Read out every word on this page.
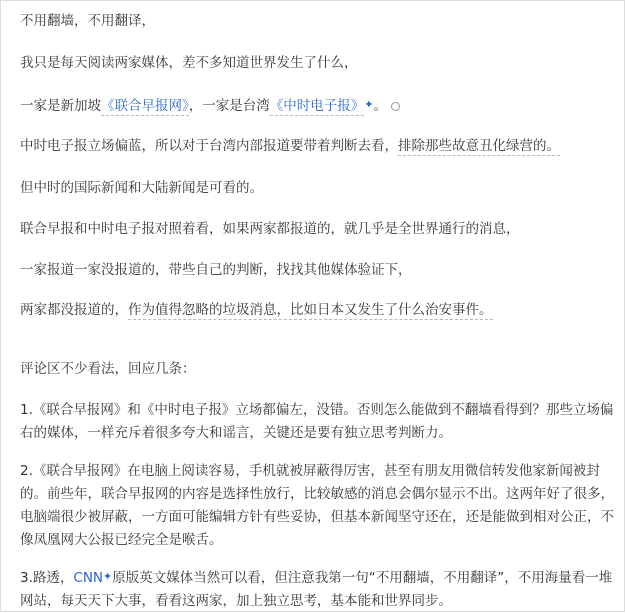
不用翻墙，不用翻译，

我只是每天阅读两家媒体，差不多知道世界发生了什么，

一家是新加坡《联合早报网》，一家是台湾《中时电子报》✦。

中时电子报立场偏蓝，所以对于台湾内部报道要带着判断去看，排除那些故意丑化绿营的。

但中时的国际新闻和大陆新闻是可看的。

联合早报和中时电子报对照着看，如果两家都报道的，就几乎是全世界通行的消息，

一家报道一家没报道的，带些自己的判断，找找其他媒体验证下，

两家都没报道的，作为值得忽略的垃圾消息，比如日本又发生了什么治安事件。

评论区不少看法，回应几条：

1.《联合早报网》和《中时电子报》立场都偏左，没错。否则怎么能做到不翻墙看得到？那些立场偏右的媒体，一样充斥着很多夸大和谣言，关键还是要有独立思考判断力。

2.《联合早报网》在电脑上阅读容易，手机就被屏蔽得厉害，甚至有朋友用微信转发他家新闻被封的。前些年，联合早报网的内容是选择性放行，比较敏感的消息会偶尔显示不出。这两年好了很多，电脑端很少被屏蔽，一方面可能编辑方针有些妥协，但基本新闻坚守还在，还是能做到相对公正，不像凤凰网大公报已经完全是喉舌。

3.路透，CNN✦原版英文媒体当然可以看，但注意我第一句“不用翻墙，不用翻译”，不用海量看一堆网站，每天天下大事，看看这两家，加上独立思考，基本能和世界同步。
